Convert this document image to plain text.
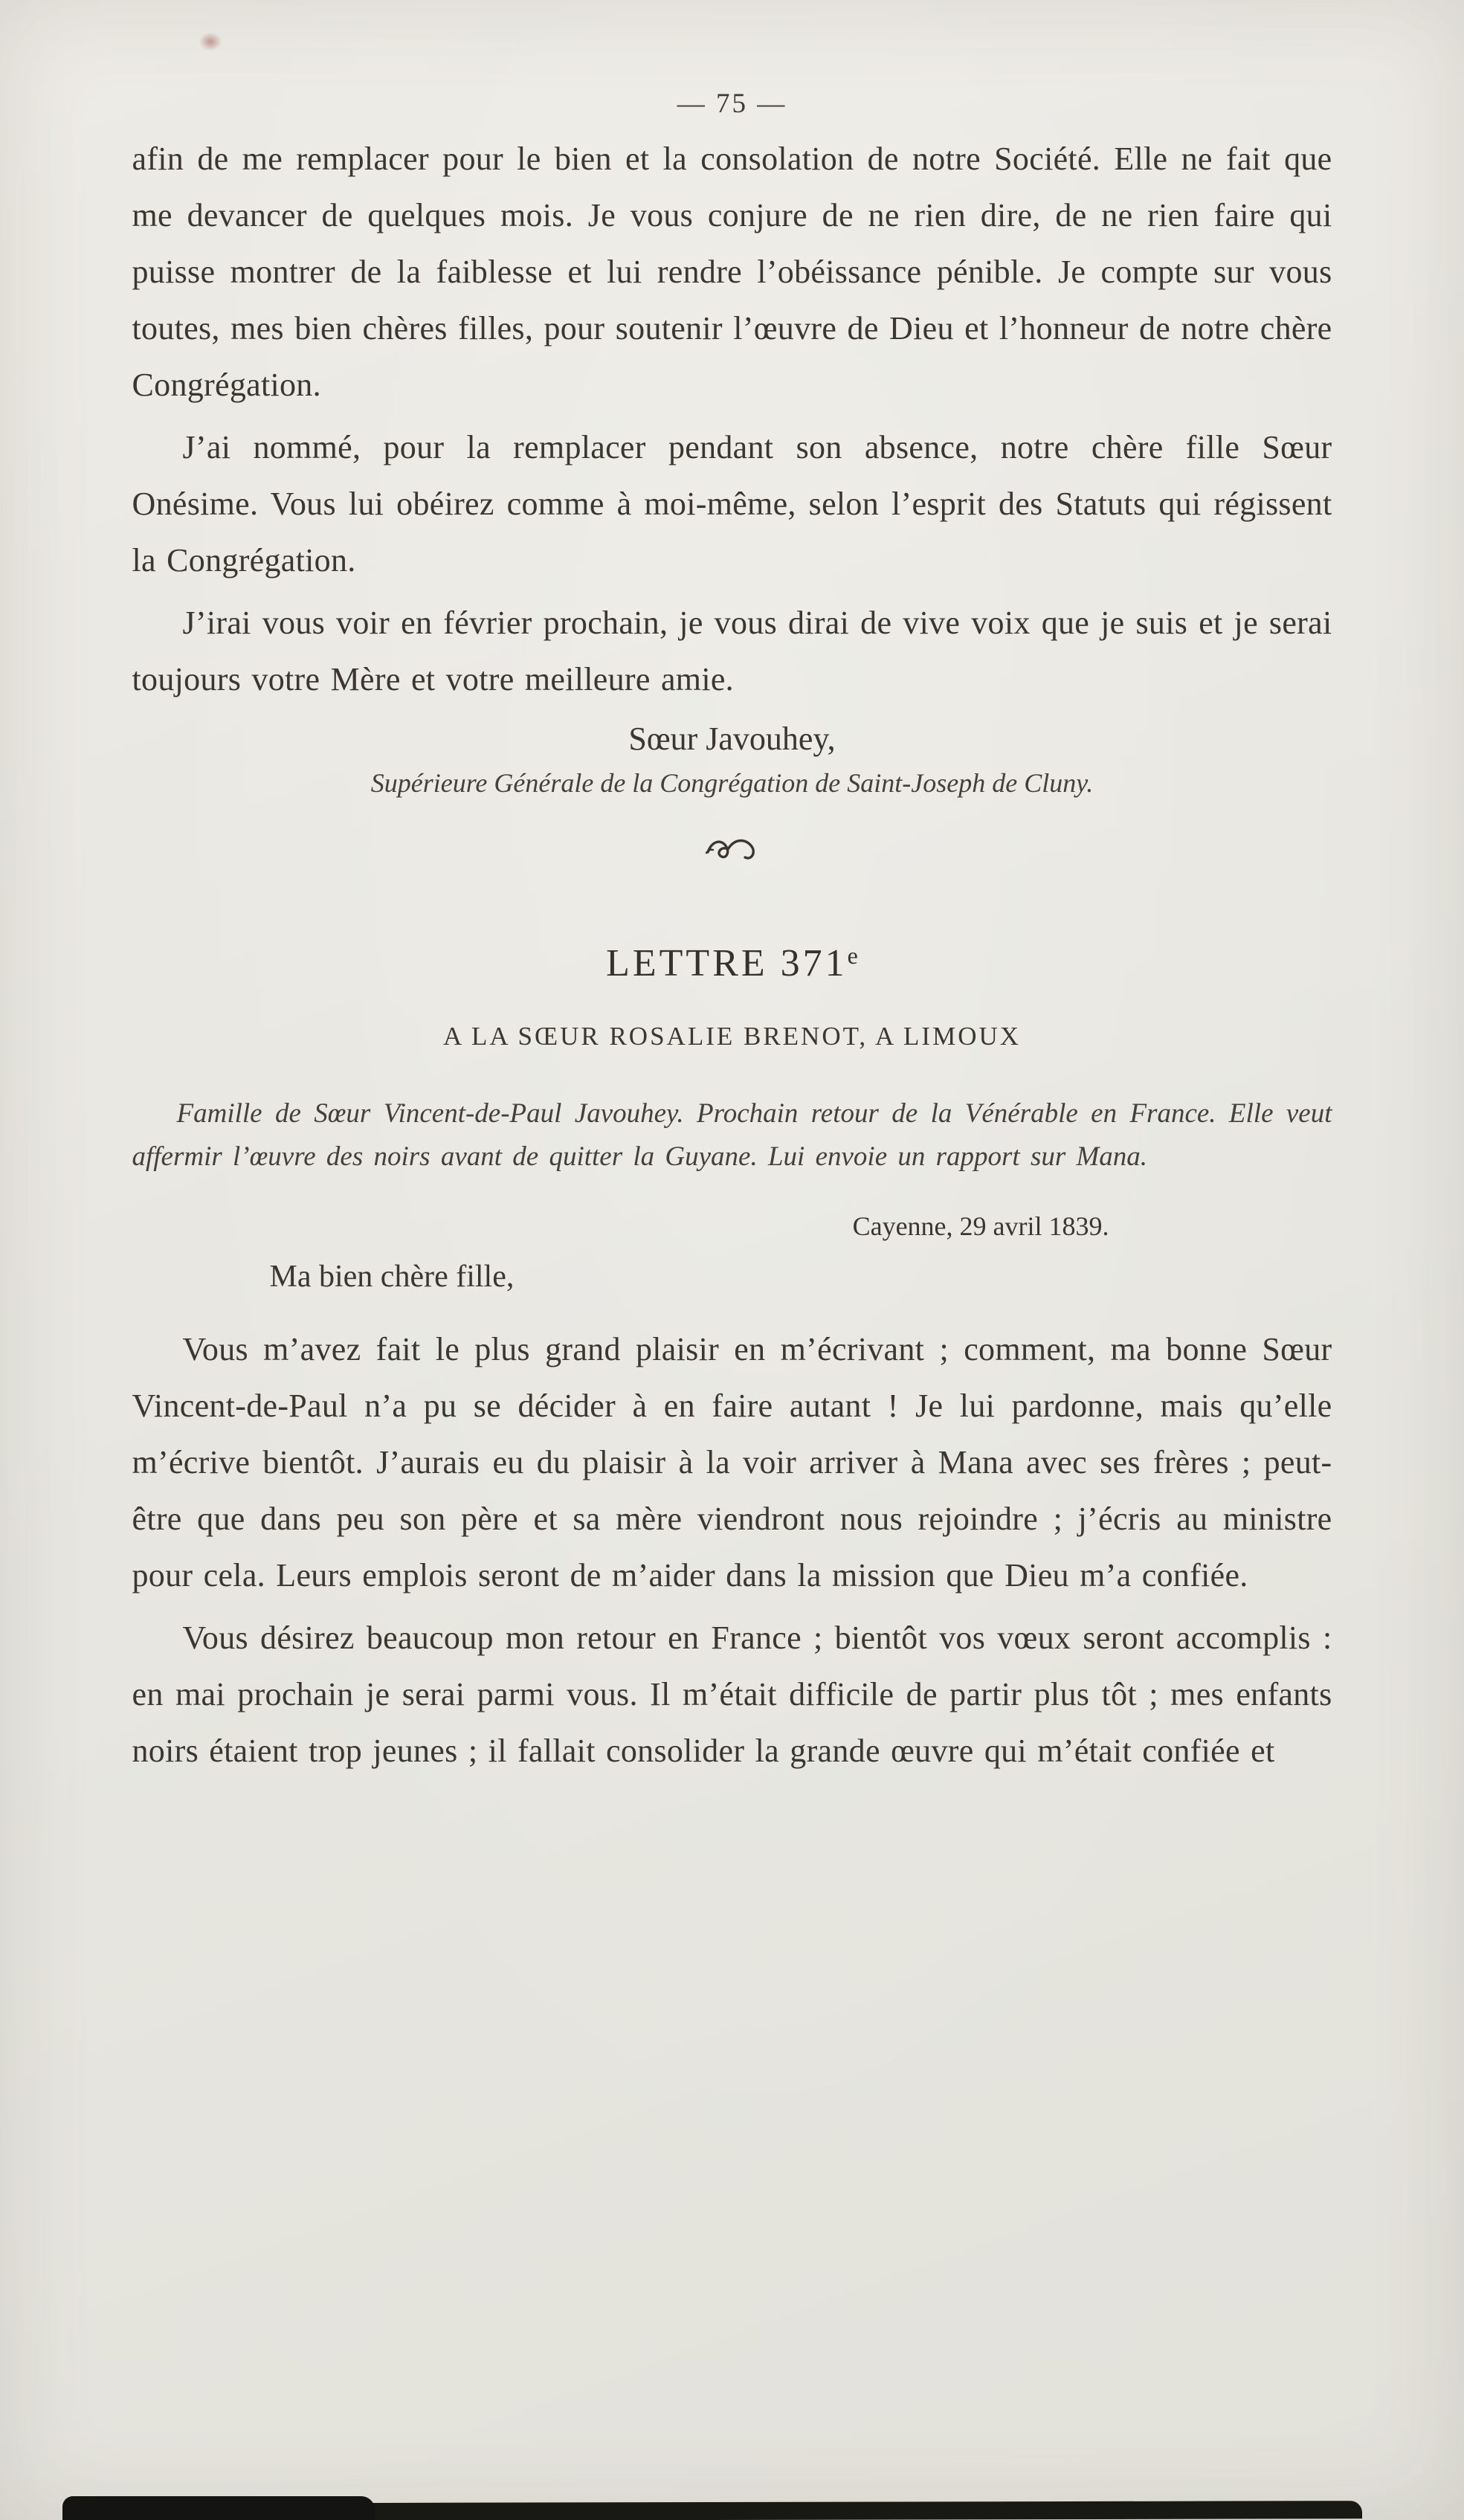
— 75 —

afin de me remplacer pour le bien et la consolation de notre Société. Elle ne fait que me devancer de quelques mois. Je vous conjure de ne rien dire, de ne rien faire qui puisse montrer de la faiblesse et lui rendre l’obéissance pénible. Je compte sur vous toutes, mes bien chères filles, pour soutenir l’œuvre de Dieu et l’honneur de notre chère Congrégation.

J’ai nommé, pour la remplacer pendant son absence, notre chère fille Sœur Onésime. Vous lui obéirez comme à moi-même, selon l’esprit des Statuts qui régissent la Congrégation.

J’irai vous voir en février prochain, je vous dirai de vive voix que je suis et je serai toujours votre Mère et votre meilleure amie.

Sœur Javouhey,
Supérieure Générale de la Congrégation de Saint-Joseph de Cluny.
LETTRE 371e
A LA SŒUR ROSALIE BRENOT, A LIMOUX

Famille de Sœur Vincent-de-Paul Javouhey. Prochain retour de la Vénérable en France. Elle veut affermir l’œuvre des noirs avant de quitter la Guyane. Lui envoie un rapport sur Mana.

Cayenne, 29 avril 1839.
Ma bien chère fille,

Vous m’avez fait le plus grand plaisir en m’écrivant ; comment, ma bonne Sœur Vincent-de-Paul n’a pu se décider à en faire autant ! Je lui pardonne, mais qu’elle m’écrive bientôt. J’aurais eu du plaisir à la voir arriver à Mana avec ses frères ; peut-être que dans peu son père et sa mère viendront nous rejoindre ; j’écris au ministre pour cela. Leurs emplois seront de m’aider dans la mission que Dieu m’a confiée.

Vous désirez beaucoup mon retour en France ; bientôt vos vœux seront accomplis : en mai prochain je serai parmi vous. Il m’était difficile de partir plus tôt ; mes enfants noirs étaient trop jeunes ; il fallait consolider la grande œuvre qui m’était confiée et
